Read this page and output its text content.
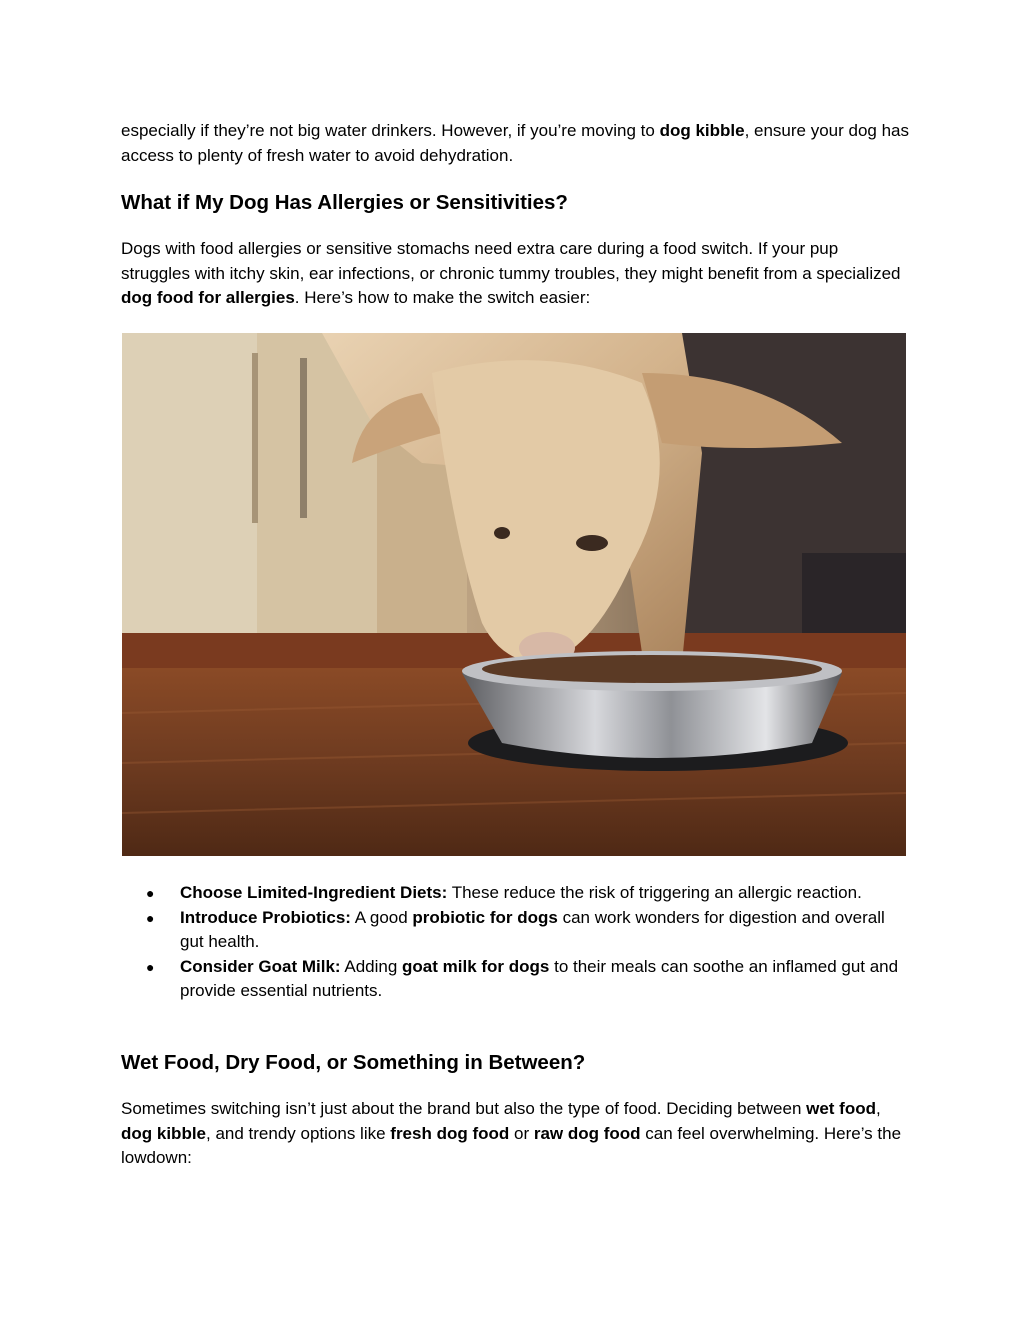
especially if they’re not big water drinkers. However, if you’re moving to dog kibble, ensure your dog has access to plenty of fresh water to avoid dehydration.

What if My Dog Has Allergies or Sensitivities?

Dogs with food allergies or sensitive stomachs need extra care during a food switch. If your pup struggles with itchy skin, ear infections, or chronic tummy troubles, they might benefit from a specialized dog food for allergies. Here’s how to make the switch easier:

● Choose Limited-Ingredient Diets: These reduce the risk of triggering an allergic reaction.
● Introduce Probiotics: A good probiotic for dogs can work wonders for digestion and overall gut health.
● Consider Goat Milk: Adding goat milk for dogs to their meals can soothe an inflamed gut and provide essential nutrients.
Wet Food, Dry Food, or Something in Between?

Sometimes switching isn’t just about the brand but also the type of food. Deciding between wet food, dog kibble, and trendy options like fresh dog food or raw dog food can feel overwhelming. Here’s the lowdown:
